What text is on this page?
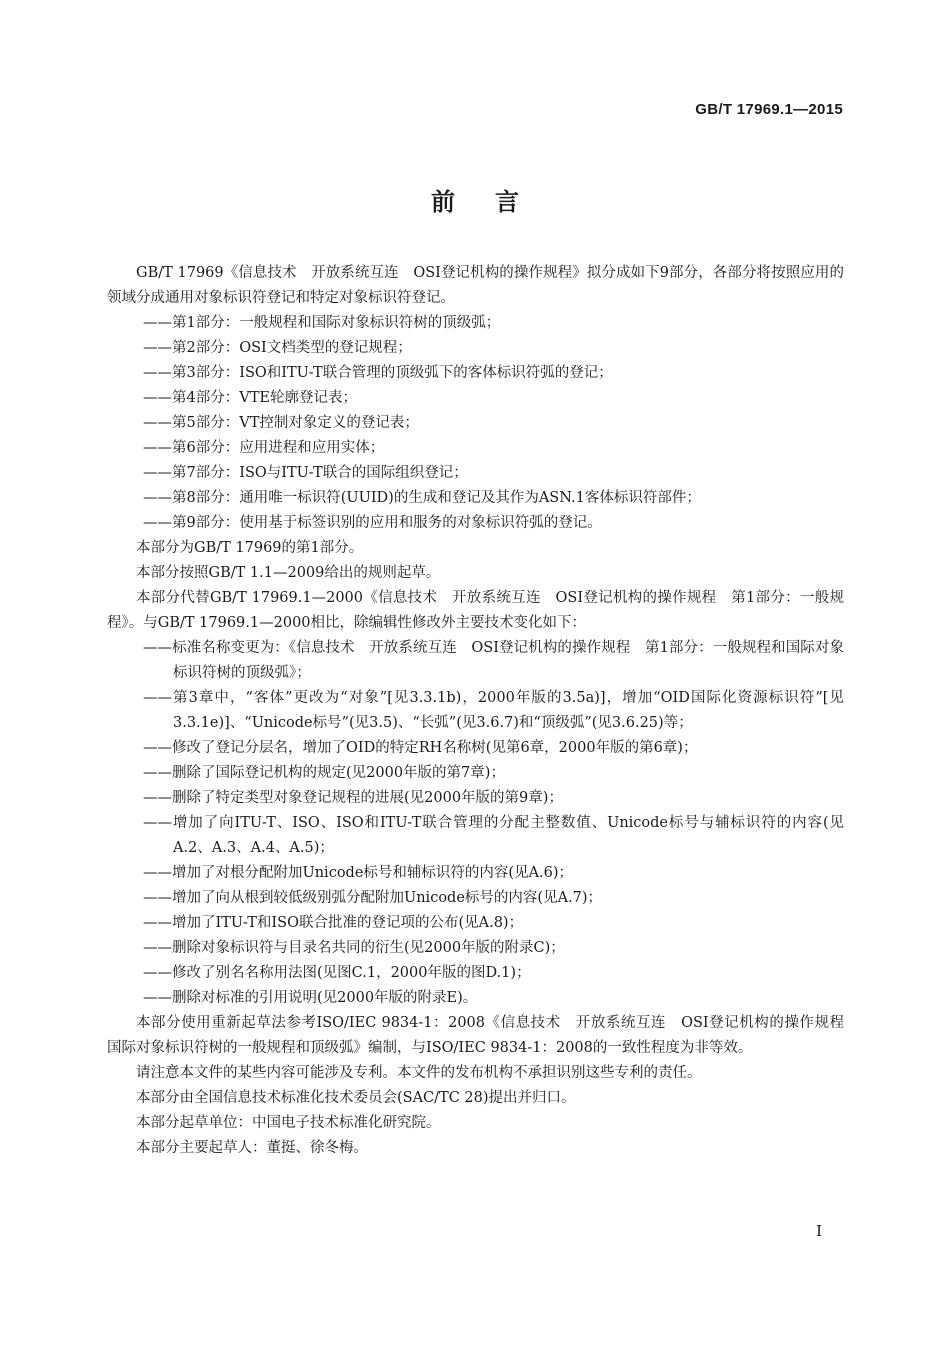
GB/T 17969.1—2015
前言

GB/T 17969《信息技术　开放系统互连　OSI登记机构的操作规程》拟分成如下9部分，各部分将按照应用的领域分成通用对象标识符登记和特定对象标识符登记。

——第1部分：一般规程和国际对象标识符树的顶级弧；

——第2部分：OSI文档类型的登记规程；

——第3部分：ISO和ITU-T联合管理的顶级弧下的客体标识符弧的登记；

——第4部分：VTE轮廓登记表；

——第5部分：VT控制对象定义的登记表；

——第6部分：应用进程和应用实体；

——第7部分：ISO与ITU-T联合的国际组织登记；

——第8部分：通用唯一标识符(UUID)的生成和登记及其作为ASN.1客体标识符部件；

——第9部分：使用基于标签识别的应用和服务的对象标识符弧的登记。

本部分为GB/T 17969的第1部分。

本部分按照GB/T 1.1—2009给出的规则起草。

本部分代替GB/T 17969.1—2000《信息技术　开放系统互连　OSI登记机构的操作规程　第1部分：一般规程》。与GB/T 17969.1—2000相比，除编辑性修改外主要技术变化如下：

——标准名称变更为：《信息技术　开放系统互连　OSI登记机构的操作规程　第1部分：一般规程和国际对象标识符树的顶级弧》；

——第3章中，“客体”更改为“对象”[见3.3.1b)，2000年版的3.5a)]，增加“OID国际化资源标识符”[见3.3.1e)]、“Unicode标号”(见3.5)、“长弧”(见3.6.7)和“顶级弧”(见3.6.25)等；

——修改了登记分层名，增加了OID的特定RH名称树(见第6章，2000年版的第6章)；

——删除了国际登记机构的规定(见2000年版的第7章)；

——删除了特定类型对象登记规程的进展(见2000年版的第9章)；

——增加了向ITU-T、ISO、ISO和ITU-T联合管理的分配主整数值、Unicode标号与辅标识符的内容(见A.2、A.3、A.4、A.5)；

——增加了对根分配附加Unicode标号和辅标识符的内容(见A.6)；

——增加了向从根到较低级别弧分配附加Unicode标号的内容(见A.7)；

——增加了ITU-T和ISO联合批准的登记项的公布(见A.8)；

——删除对象标识符与目录名共同的衍生(见2000年版的附录C)；

——修改了别名名称用法图(见图C.1，2000年版的图D.1)；

——删除对标准的引用说明(见2000年版的附录E)。

本部分使用重新起草法参考ISO/IEC 9834-1：2008《信息技术　开放系统互连　OSI登记机构的操作规程　国际对象标识符树的一般规程和顶级弧》编制，与ISO/IEC 9834-1：2008的一致性程度为非等效。

请注意本文件的某些内容可能涉及专利。本文件的发布机构不承担识别这些专利的责任。

本部分由全国信息技术标准化技术委员会(SAC/TC 28)提出并归口。

本部分起草单位：中国电子技术标准化研究院。

本部分主要起草人：董挺、徐冬梅。

I
